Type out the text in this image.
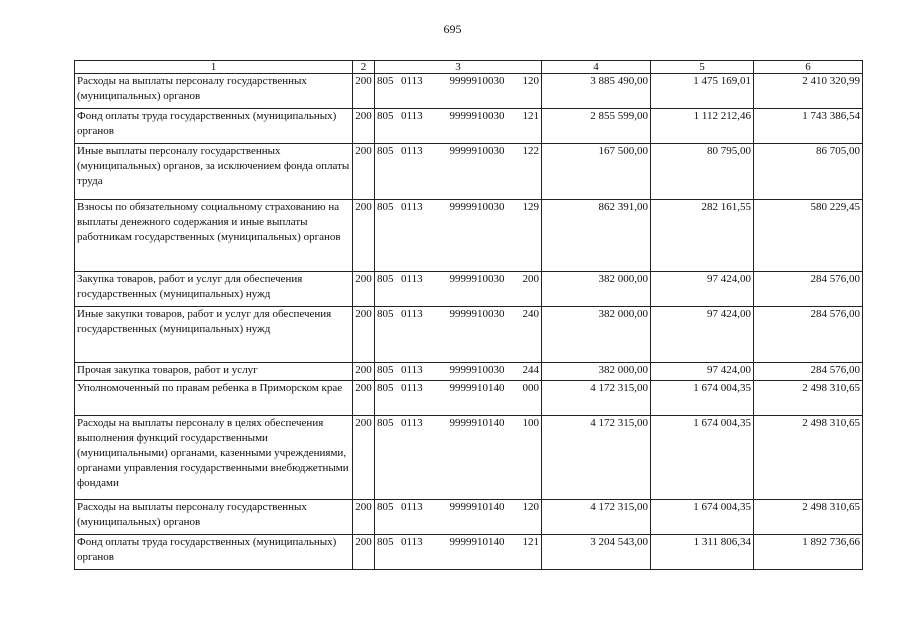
695
1	2	3	4	5	6
Расходы на выплаты персоналу государственных (муниципальных) органов	200	805 0113 9999910030 120	3 885 490,00	1 475 169,01	2 410 320,99
Фонд оплаты труда государственных (муниципальных) органов	200	805 0113 9999910030 121	2 855 599,00	1 112 212,46	1 743 386,54
Иные выплаты персоналу государственных (муниципальных) органов, за исключением фонда оплаты труда	200	805 0113 9999910030 122	167 500,00	80 795,00	86 705,00
Взносы по обязательному социальному страхованию на выплаты денежного содержания и иные выплаты работникам государственных (муниципальных) органов	200	805 0113 9999910030 129	862 391,00	282 161,55	580 229,45
Закупка товаров, работ и услуг для обеспечения государственных (муниципальных) нужд	200	805 0113 9999910030 200	382 000,00	97 424,00	284 576,00
Иные закупки товаров, работ и услуг для обеспечения государственных (муниципальных) нужд	200	805 0113 9999910030 240	382 000,00	97 424,00	284 576,00
Прочая закупка товаров, работ и услуг	200	805 0113 9999910030 244	382 000,00	97 424,00	284 576,00
Уполномоченный по правам ребенка в Приморском крае	200	805 0113 9999910140 000	4 172 315,00	1 674 004,35	2 498 310,65
Расходы на выплаты персоналу в целях обеспечения выполнения функций государственными (муниципальными) органами, казенными учреждениями, органами управления государственными внебюджетными фондами	200	805 0113 9999910140 100	4 172 315,00	1 674 004,35	2 498 310,65
Расходы на выплаты персоналу государственных (муниципальных) органов	200	805 0113 9999910140 120	4 172 315,00	1 674 004,35	2 498 310,65
Фонд оплаты труда государственных (муниципальных) органов	200	805 0113 9999910140 121	3 204 543,00	1 311 806,34	1 892 736,66
